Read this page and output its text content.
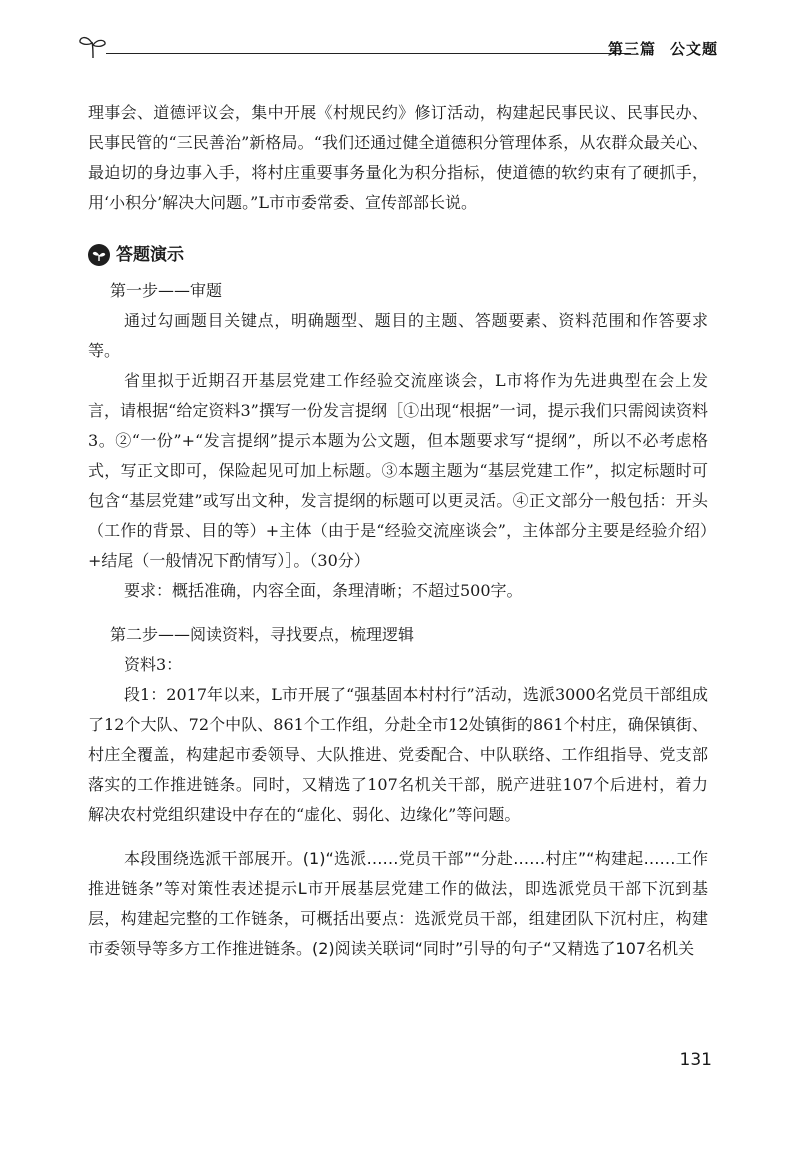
第三篇 公文题

理事会、道德评议会，集中开展《村规民约》修订活动，构建起民事民议、民事民办、民事民管的“三民善治”新格局。“我们还通过健全道德积分管理体系，从农群众最关心、最迫切的身边事入手，将村庄重要事务量化为积分指标，使道德的软约束有了硬抓手，用‘小积分’解决大问题。”L市市委常委、宣传部部长说。

答题演示

第一步——审题

通过勾画题目关键点，明确题型、题目的主题、答题要素、资料范围和作答要求等。

省里拟于近期召开基层党建工作经验交流座谈会，L市将作为先进典型在会上发言，请根据“给定资料3”撰写一份发言提纲［①出现“根据”一词，提示我们只需阅读资料3。②“一份”+“发言提纲”提示本题为公文题，但本题要求写“提纲”，所以不必考虑格式，写正文即可，保险起见可加上标题。③本题主题为“基层党建工作”，拟定标题时可包含“基层党建”或写出文种，发言提纲的标题可以更灵活。④正文部分一般包括：开头（工作的背景、目的等）+主体（由于是“经验交流座谈会”，主体部分主要是经验介绍）+结尾（一般情况下酌情写）］。（30分）

要求：概括准确，内容全面，条理清晰；不超过500字。

第二步——阅读资料，寻找要点，梳理逻辑

资料3：

段1：2017年以来，L市开展了“强基固本村村行”活动，选派3000名党员干部组成了12个大队、72个中队、861个工作组，分赴全市12处镇街的861个村庄，确保镇街、村庄全覆盖，构建起市委领导、大队推进、党委配合、中队联络、工作组指导、党支部落实的工作推进链条。同时，又精选了107名机关干部，脱产进驻107个后进村，着力解决农村党组织建设中存在的“虚化、弱化、边缘化”等问题。

本段围绕选派干部展开。(1)“选派……党员干部”“分赴……村庄”“构建起……工作推进链条”等对策性表述提示L市开展基层党建工作的做法，即选派党员干部下沉到基层，构建起完整的工作链条，可概括出要点：选派党员干部，组建团队下沉村庄，构建市委领导等多方工作推进链条。(2)阅读关联词“同时”引导的句子“又精选了107名机关

131
